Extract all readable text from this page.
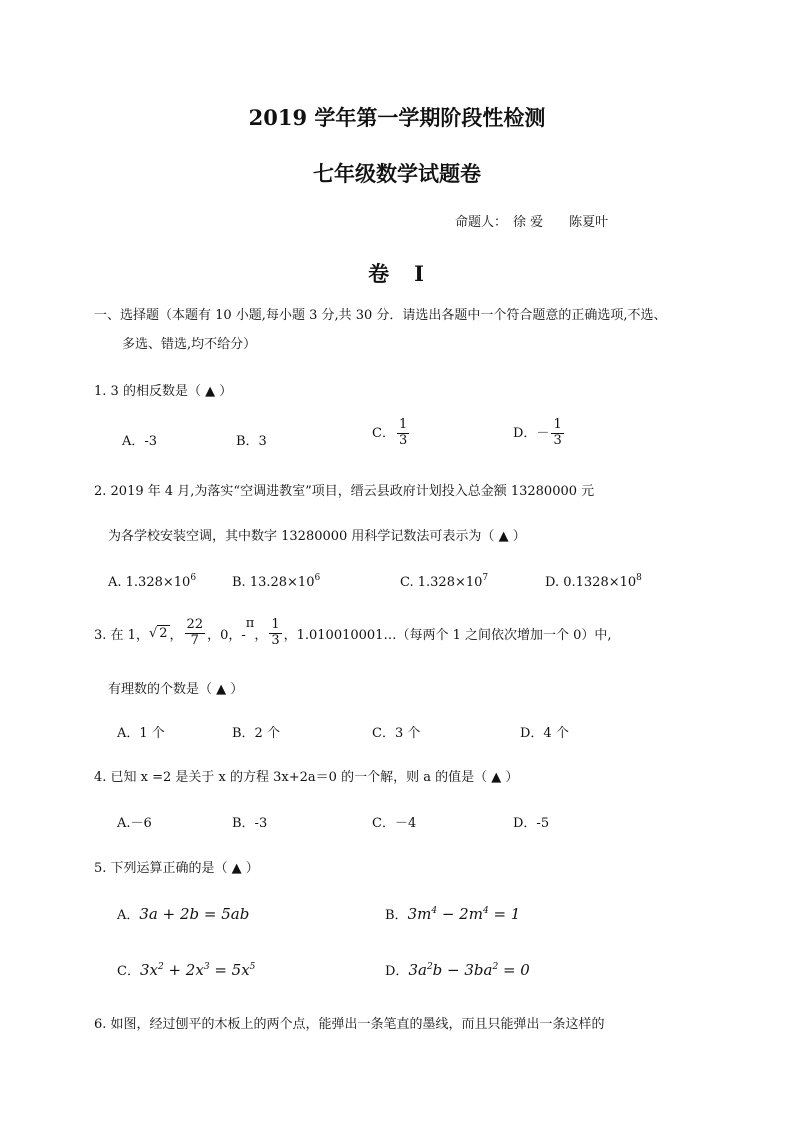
2019 学年第一学期阶段性检测
七年级数学试题卷
命题人： 徐 爱 陈夏叶
卷　Ⅰ
一、选择题（本题有 10 小题,每小题 3 分,共 30 分．请选出各题中一个符合题意的正确选项,不选、
多选、错选,均不给分）
1. 3 的相反数是（ ▲ ）
A．-3	B．3
C． $\frac{1}{3}$	D．－ $\frac{1}{3}$
2. 2019 年 4 月,为落实“空调进教室”项目，缙云县政府计划投入总金额 13280000 元
为各学校安装空调，其中数字 13280000 用科学记数法可表示为（ ▲ ）
A. $1.328\times 10^6$	B. $13.28\times 10^6$	C. $1.328\times 10^7$	D. $0.1328\times 10^8$
3. 在 1， √ 2 ， $\frac{22}{7}$ ，0，-
π
， $\frac{1}{3}$ ，1.010010001…（每两个 1 之间依次增加一个 0）中,
有理数的个数是（ ▲ ）
A．1 个	B．2 个	C．3 个	D．4 个
4. 已知 x =2 是关于 x 的方程 3x+2a＝0 的一个解，则 a 的值是（ ▲ ）
A.－6	B．-3	C．－4	D．-5
5. 下列运算正确的是（ ▲ ）
A．3a + 2b = 5ab	B．$3m^4 - 2m^4 = 1$
C．$3x^2 + 2x^3 = 5x^5$	D．$3a^2b - 3ba^2 = 0$
6. 如图，经过刨平的木板上的两个点，能弹出一条笔直的墨线，而且只能弹出一条这样的
